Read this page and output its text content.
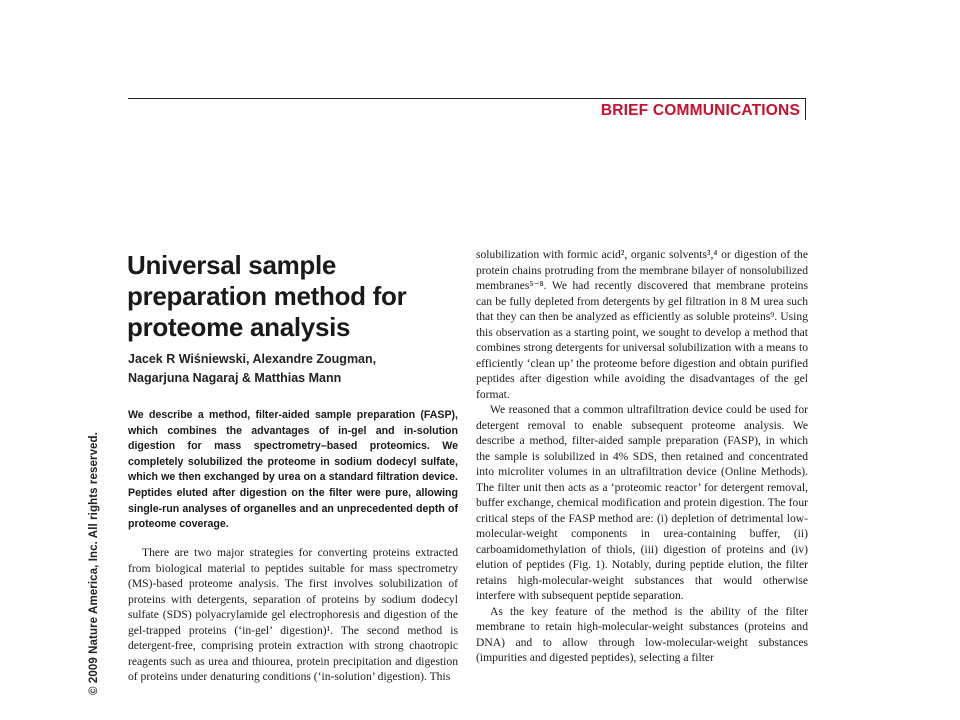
BRIEF COMMUNICATIONS
© 2009 Nature America, Inc. All rights reserved.
Universal sample
preparation method for
proteome analysis
Jacek R Wiśniewski, Alexandre Zougman,
Nagarjuna Nagaraj & Matthias Mann
We describe a method, filter-aided sample preparation (FASP), which combines the advantages of in-gel and in-solution digestion for mass spectrometry–based proteomics. We completely solubilized the proteome in sodium dodecyl sulfate, which we then exchanged by urea on a standard filtration device. Peptides eluted after digestion on the filter were pure, allowing single-run analyses of organelles and an unprecedented depth of proteome coverage.

There are two major strategies for converting proteins extracted from biological material to peptides suitable for mass spectrometry (MS)-based proteome analysis. The first involves solubilization of proteins with detergents, separation of proteins by sodium dodecyl sulfate (SDS) polyacrylamide gel electrophoresis and digestion of the gel-trapped proteins (‘in-gel’ digestion)¹. The second method is detergent-free, comprising protein extraction with strong chaotropic reagents such as urea and thiourea, protein precipitation and digestion of proteins under denaturing conditions (‘in-solution’ digestion). This

solubilization with formic acid², organic solvents³,⁴ or digestion of the protein chains protruding from the membrane bilayer of nonsolubilized membranes⁵⁻⁸. We had recently discovered that membrane proteins can be fully depleted from detergents by gel filtration in 8 M urea such that they can then be analyzed as efficiently as soluble proteins⁹. Using this observation as a starting point, we sought to develop a method that combines strong detergents for universal solubilization with a means to efficiently ‘clean up’ the proteome before digestion and obtain purified peptides after digestion while avoiding the disadvantages of the gel format.

We reasoned that a common ultrafiltration device could be used for detergent removal to enable subsequent proteome analysis. We describe a method, filter-aided sample preparation (FASP), in which the sample is solubilized in 4% SDS, then retained and concentrated into microliter volumes in an ultrafiltration device (Online Methods). The filter unit then acts as a ‘proteomic reactor’ for detergent removal, buffer exchange, chemical modification and protein digestion. The four critical steps of the FASP method are: (i) depletion of detrimental low-molecular-weight components in urea-containing buffer, (ii) carboamidomethylation of thiols, (iii) digestion of proteins and (iv) elution of peptides (Fig. 1). Notably, during peptide elution, the filter retains high-molecular-weight substances that would otherwise interfere with subsequent peptide separation.

As the key feature of the method is the ability of the filter membrane to retain high-molecular-weight substances (proteins and DNA) and to allow through low-molecular-weight substances (impurities and digested peptides), selecting a filter
